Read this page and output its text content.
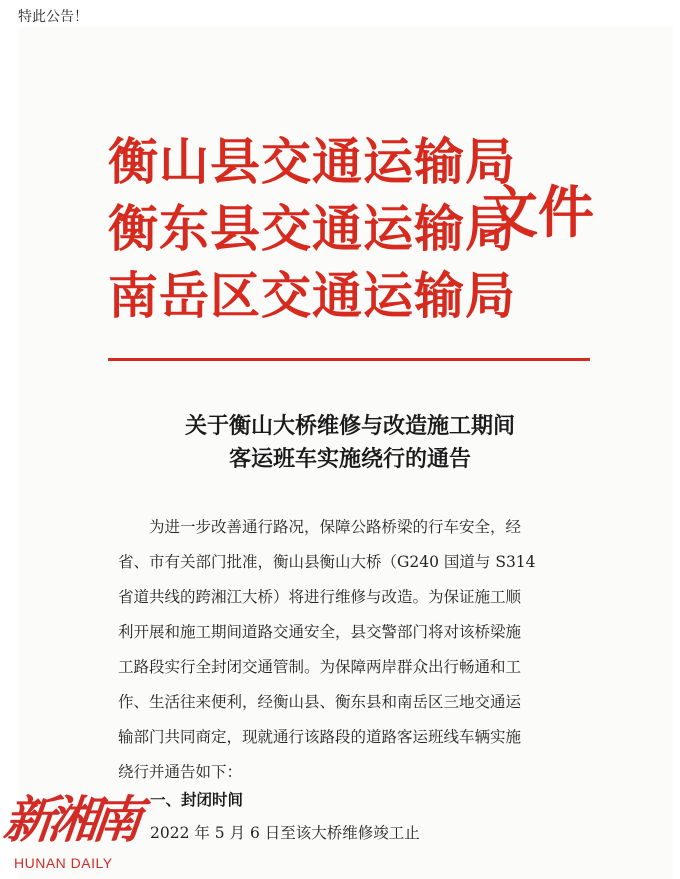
特此公告！
衡山县交通运输局
衡东县交通运输局
南岳区交通运输局
文件
关于衡山大桥维修与改造施工期间
客运班车实施绕行的通告
　　为进一步改善通行路况，保障公路桥梁的行车安全，经
省、市有关部门批准，衡山县衡山大桥（G240 国道与 S314
省道共线的跨湘江大桥）将进行维修与改造。为保证施工顺
利开展和施工期间道路交通安全，县交警部门将对该桥梁施
工路段实行全封闭交通管制。为保障两岸群众出行畅通和工
作、生活往来便利，经衡山县、衡东县和南岳区三地交通运
输部门共同商定，现就通行该路段的道路客运班线车辆实施
绕行并通告如下：
一、封闭时间
2022 年 5 月 6 日至该大桥维修竣工止
新湘南
HUNAN DAILY
